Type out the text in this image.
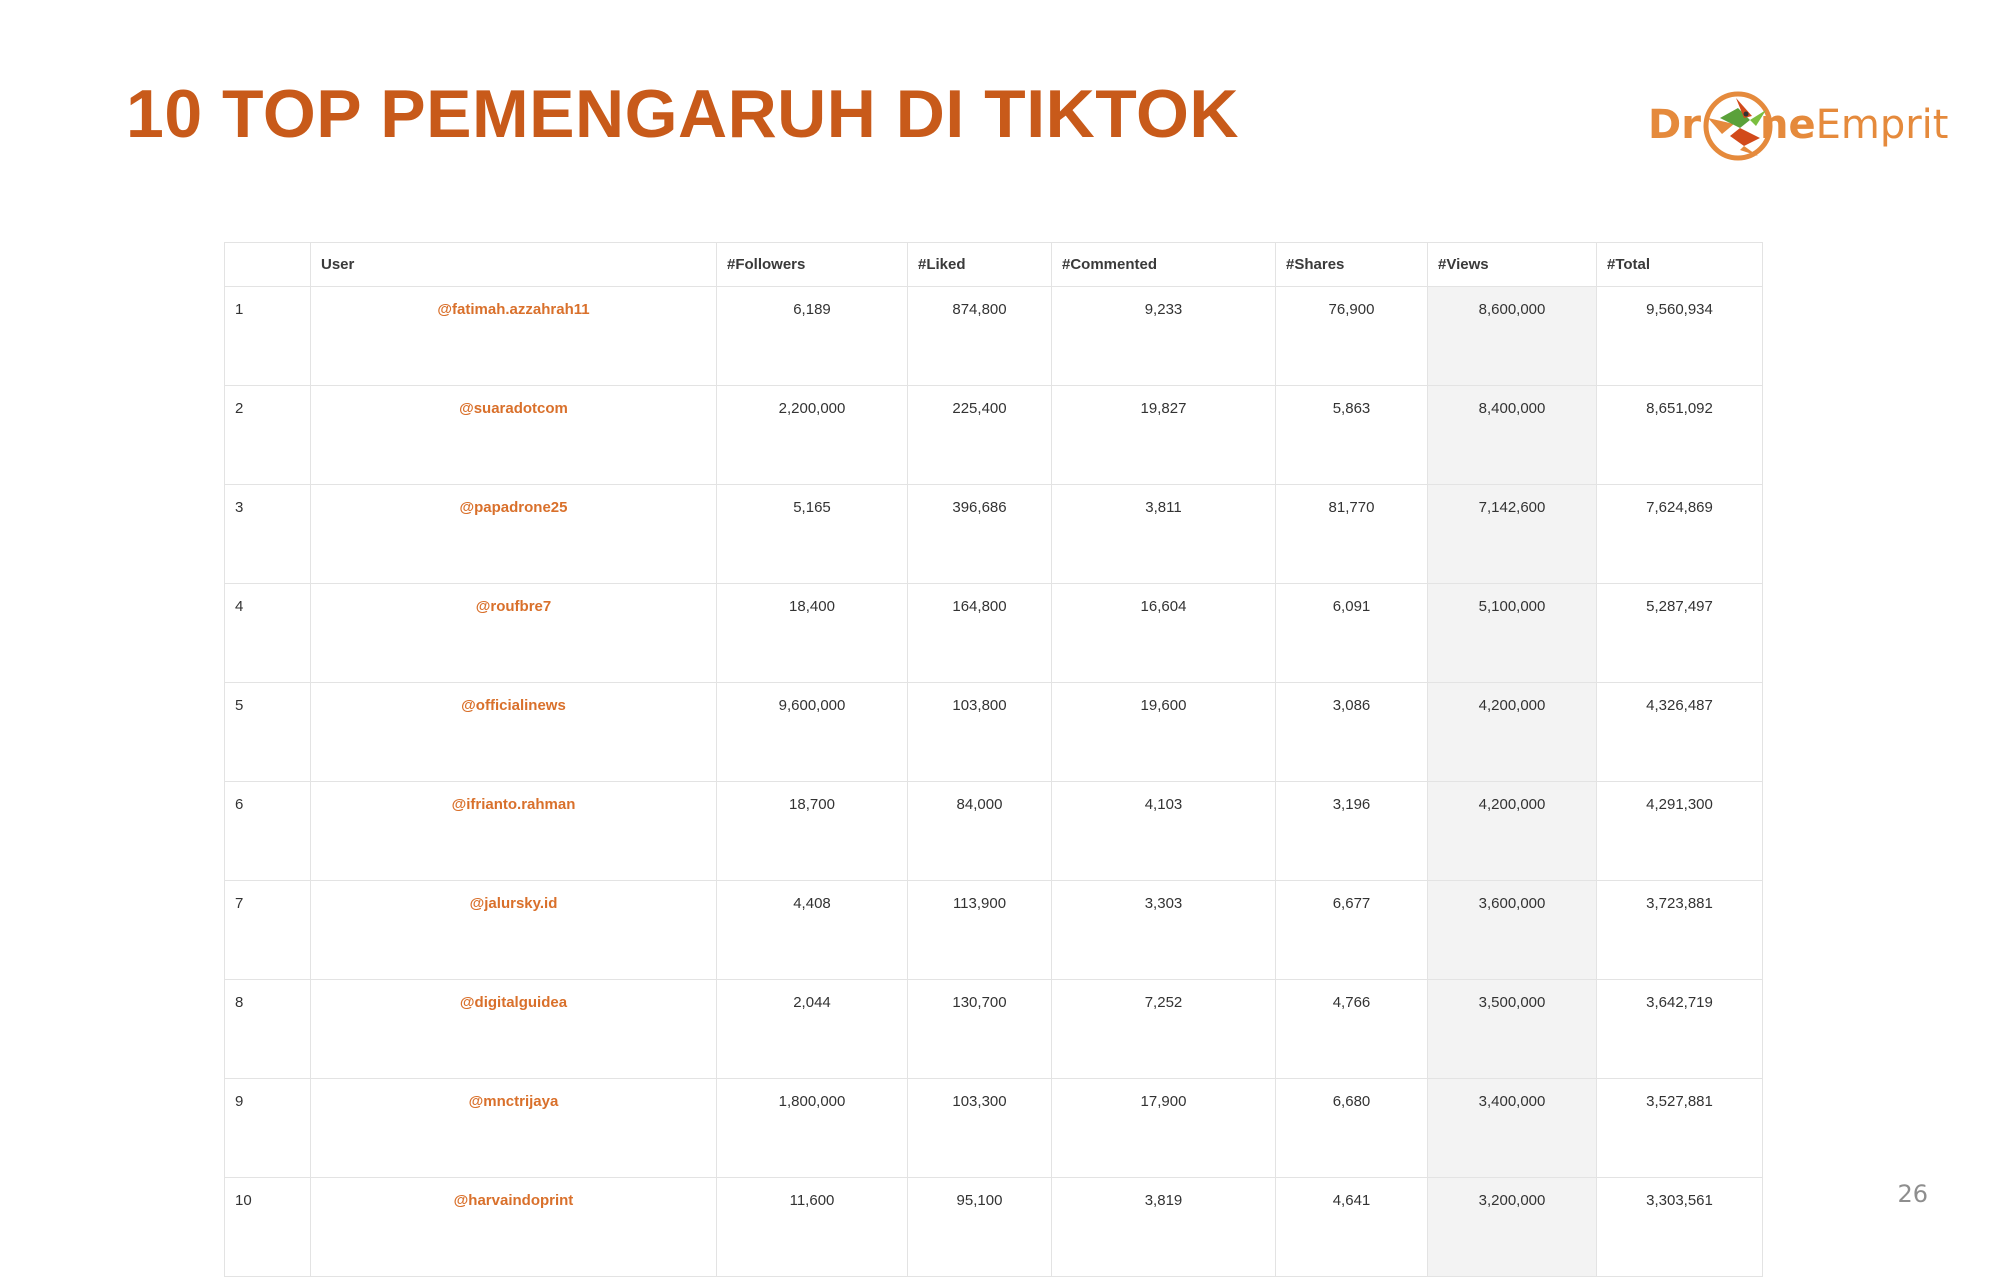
10 TOP PEMENGARUH DI TIKTOK	Dr neEmprit
	User	#Followers	#Liked	#Commented	#Shares	#Views	#Total
1	@fatimah.azzahrah11	6,189	874,800	9,233	76,900	8,600,000	9,560,934
2	@suaradotcom	2,200,000	225,400	19,827	5,863	8,400,000	8,651,092
3	@papadrone25	5,165	396,686	3,811	81,770	7,142,600	7,624,869
4	@roufbre7	18,400	164,800	16,604	6,091	5,100,000	5,287,497
5	@officialinews	9,600,000	103,800	19,600	3,086	4,200,000	4,326,487
6	@ifrianto.rahman	18,700	84,000	4,103	3,196	4,200,000	4,291,300
7	@jalursky.id	4,408	113,900	3,303	6,677	3,600,000	3,723,881
8	@digitalguidea	2,044	130,700	7,252	4,766	3,500,000	3,642,719
9	@mnctrijaya	1,800,000	103,300	17,900	6,680	3,400,000	3,527,881
10	@harvaindoprint	11,600	95,100	3,819	4,641	3,200,000	3,303,561	26
